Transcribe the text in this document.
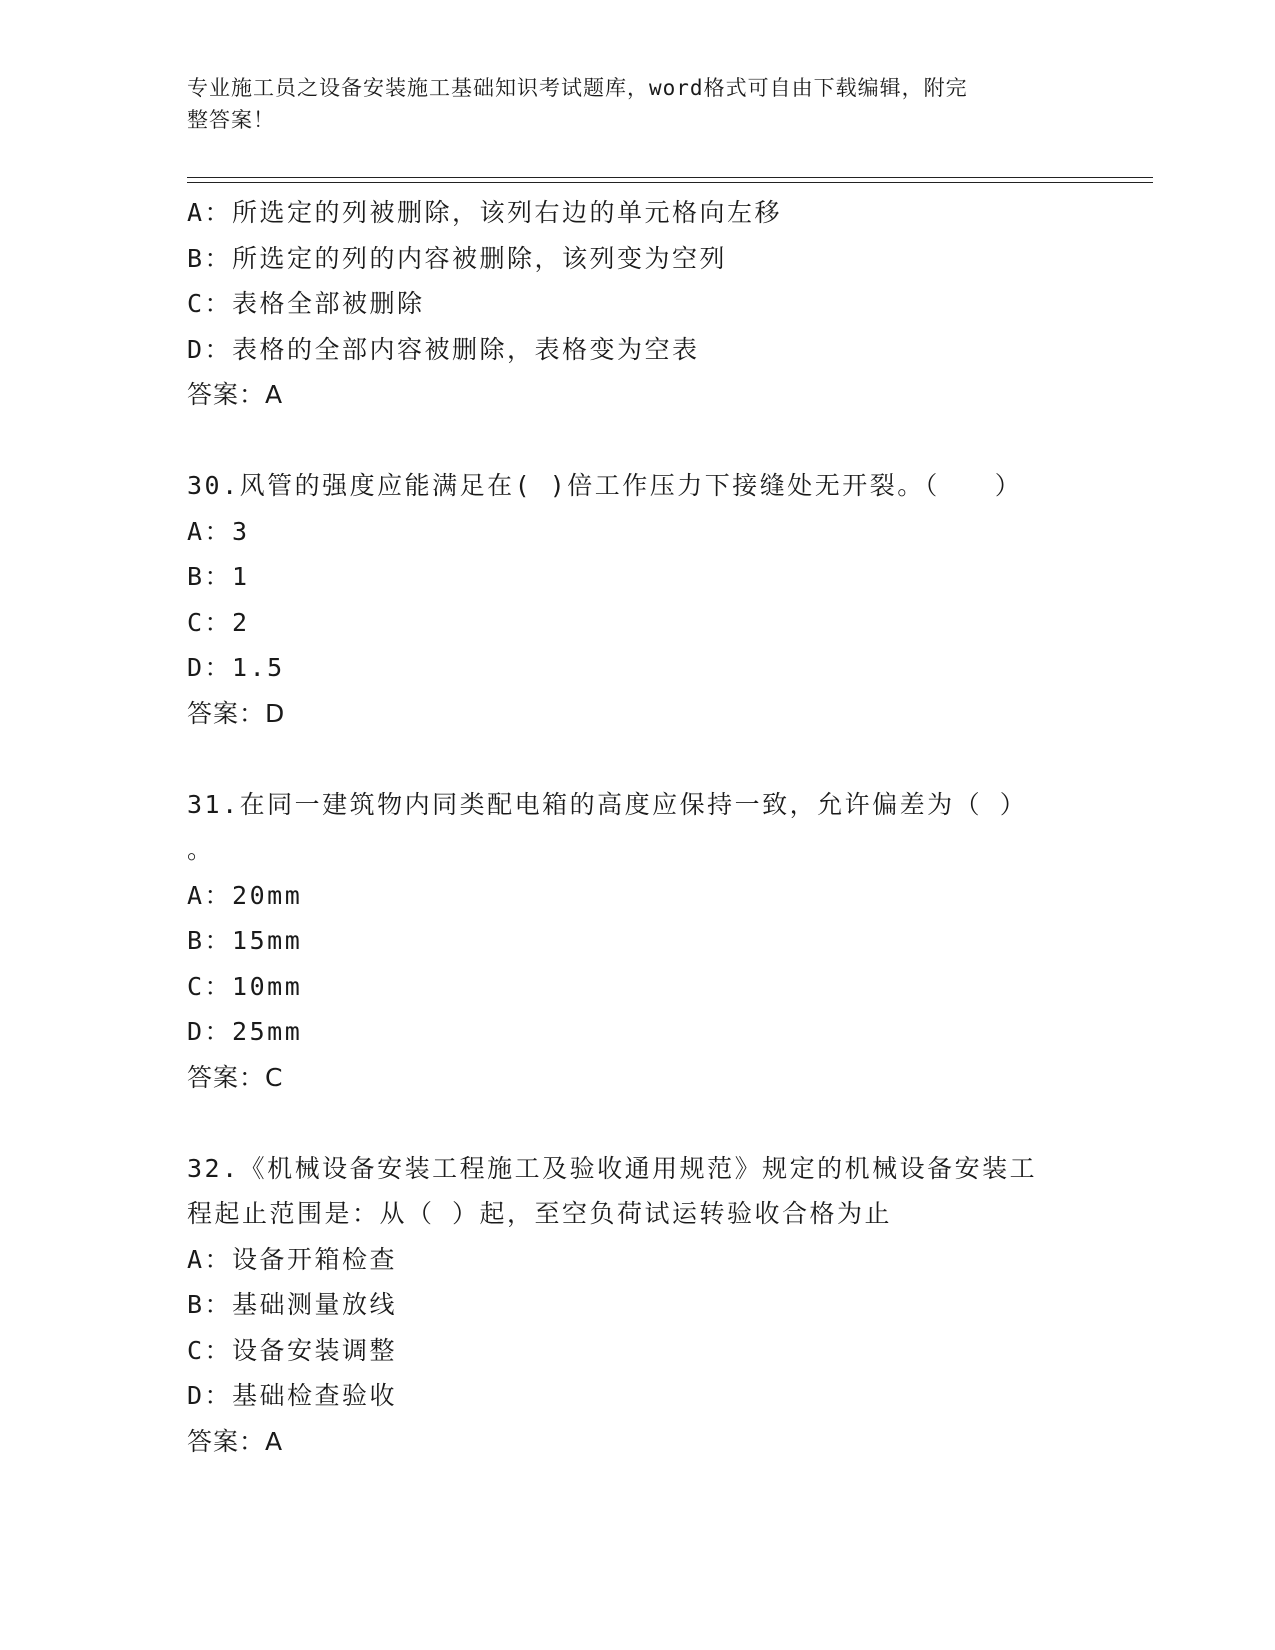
专业施工员之设备安装施工基础知识考试题库，word格式可自由下载编辑，附完
整答案！
A：所选定的列被删除，该列右边的单元格向左移
B：所选定的列的内容被删除，该列变为空列
C：表格全部被删除
D：表格的全部内容被删除，表格变为空表
答案：A
30.风管的强度应能满足在( )倍工作压力下接缝处无开裂。（　　）
A：3
B：1
C：2
D：1.5
答案：D
31.在同一建筑物内同类配电箱的高度应保持一致，允许偏差为（ ）
。
A：20mm
B：15mm
C：10mm
D：25mm
答案：C
32.《机械设备安装工程施工及验收通用规范》规定的机械设备安装工
程起止范围是：从（ ）起，至空负荷试运转验收合格为止
A：设备开箱检查
B：基础测量放线
C：设备安装调整
D：基础检查验收
答案：A
